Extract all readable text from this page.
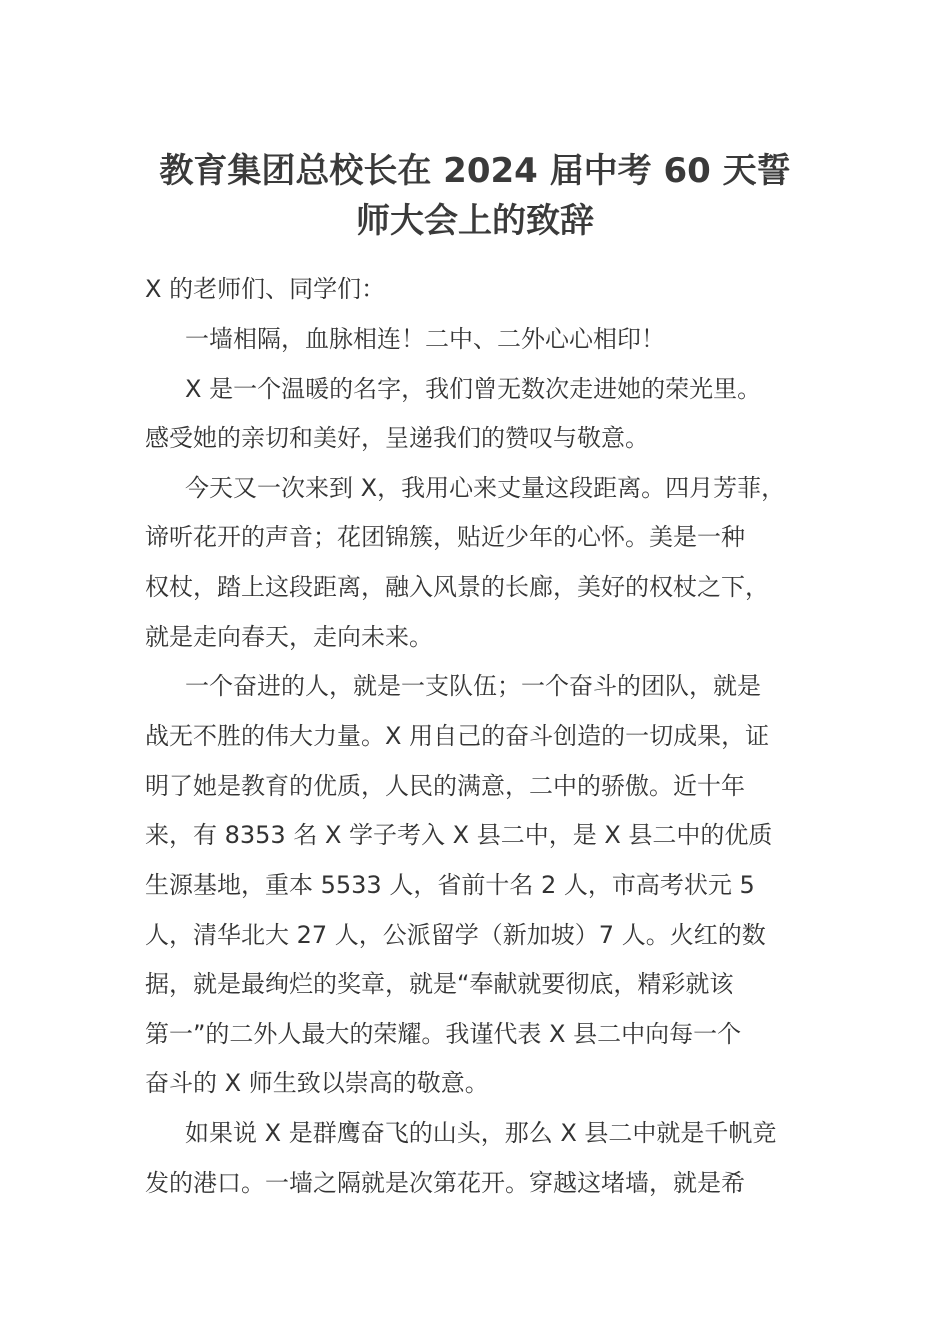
教育集团总校长在 2024 届中考 60 天誓
师大会上的致辞
X 的老师们、同学们：
一墙相隔，血脉相连！二中、二外心心相印！
X 是一个温暖的名字，我们曾无数次走进她的荣光里。
感受她的亲切和美好，呈递我们的赞叹与敬意。
今天又一次来到 X，我用心来丈量这段距离。四月芳菲，
谛听花开的声音；花团锦簇，贴近少年的心怀。美是一种
权杖，踏上这段距离，融入风景的长廊，美好的权杖之下，
就是走向春天，走向未来。
一个奋进的人，就是一支队伍；一个奋斗的团队，就是
战无不胜的伟大力量。X 用自己的奋斗创造的一切成果，证
明了她是教育的优质，人民的满意，二中的骄傲。近十年
来，有 8353 名 X 学子考入 X 县二中，是 X 县二中的优质
生源基地，重本 5533 人，省前十名 2 人，市高考状元 5
人，清华北大 27 人，公派留学（新加坡）7 人。火红的数
据，就是最绚烂的奖章，就是“奉献就要彻底，精彩就该
第一”的二外人最大的荣耀。我谨代表 X 县二中向每一个
奋斗的 X 师生致以崇高的敬意。
如果说 X 是群鹰奋飞的山头，那么 X 县二中就是千帆竞
发的港口。一墙之隔就是次第花开。穿越这堵墙，就是希
